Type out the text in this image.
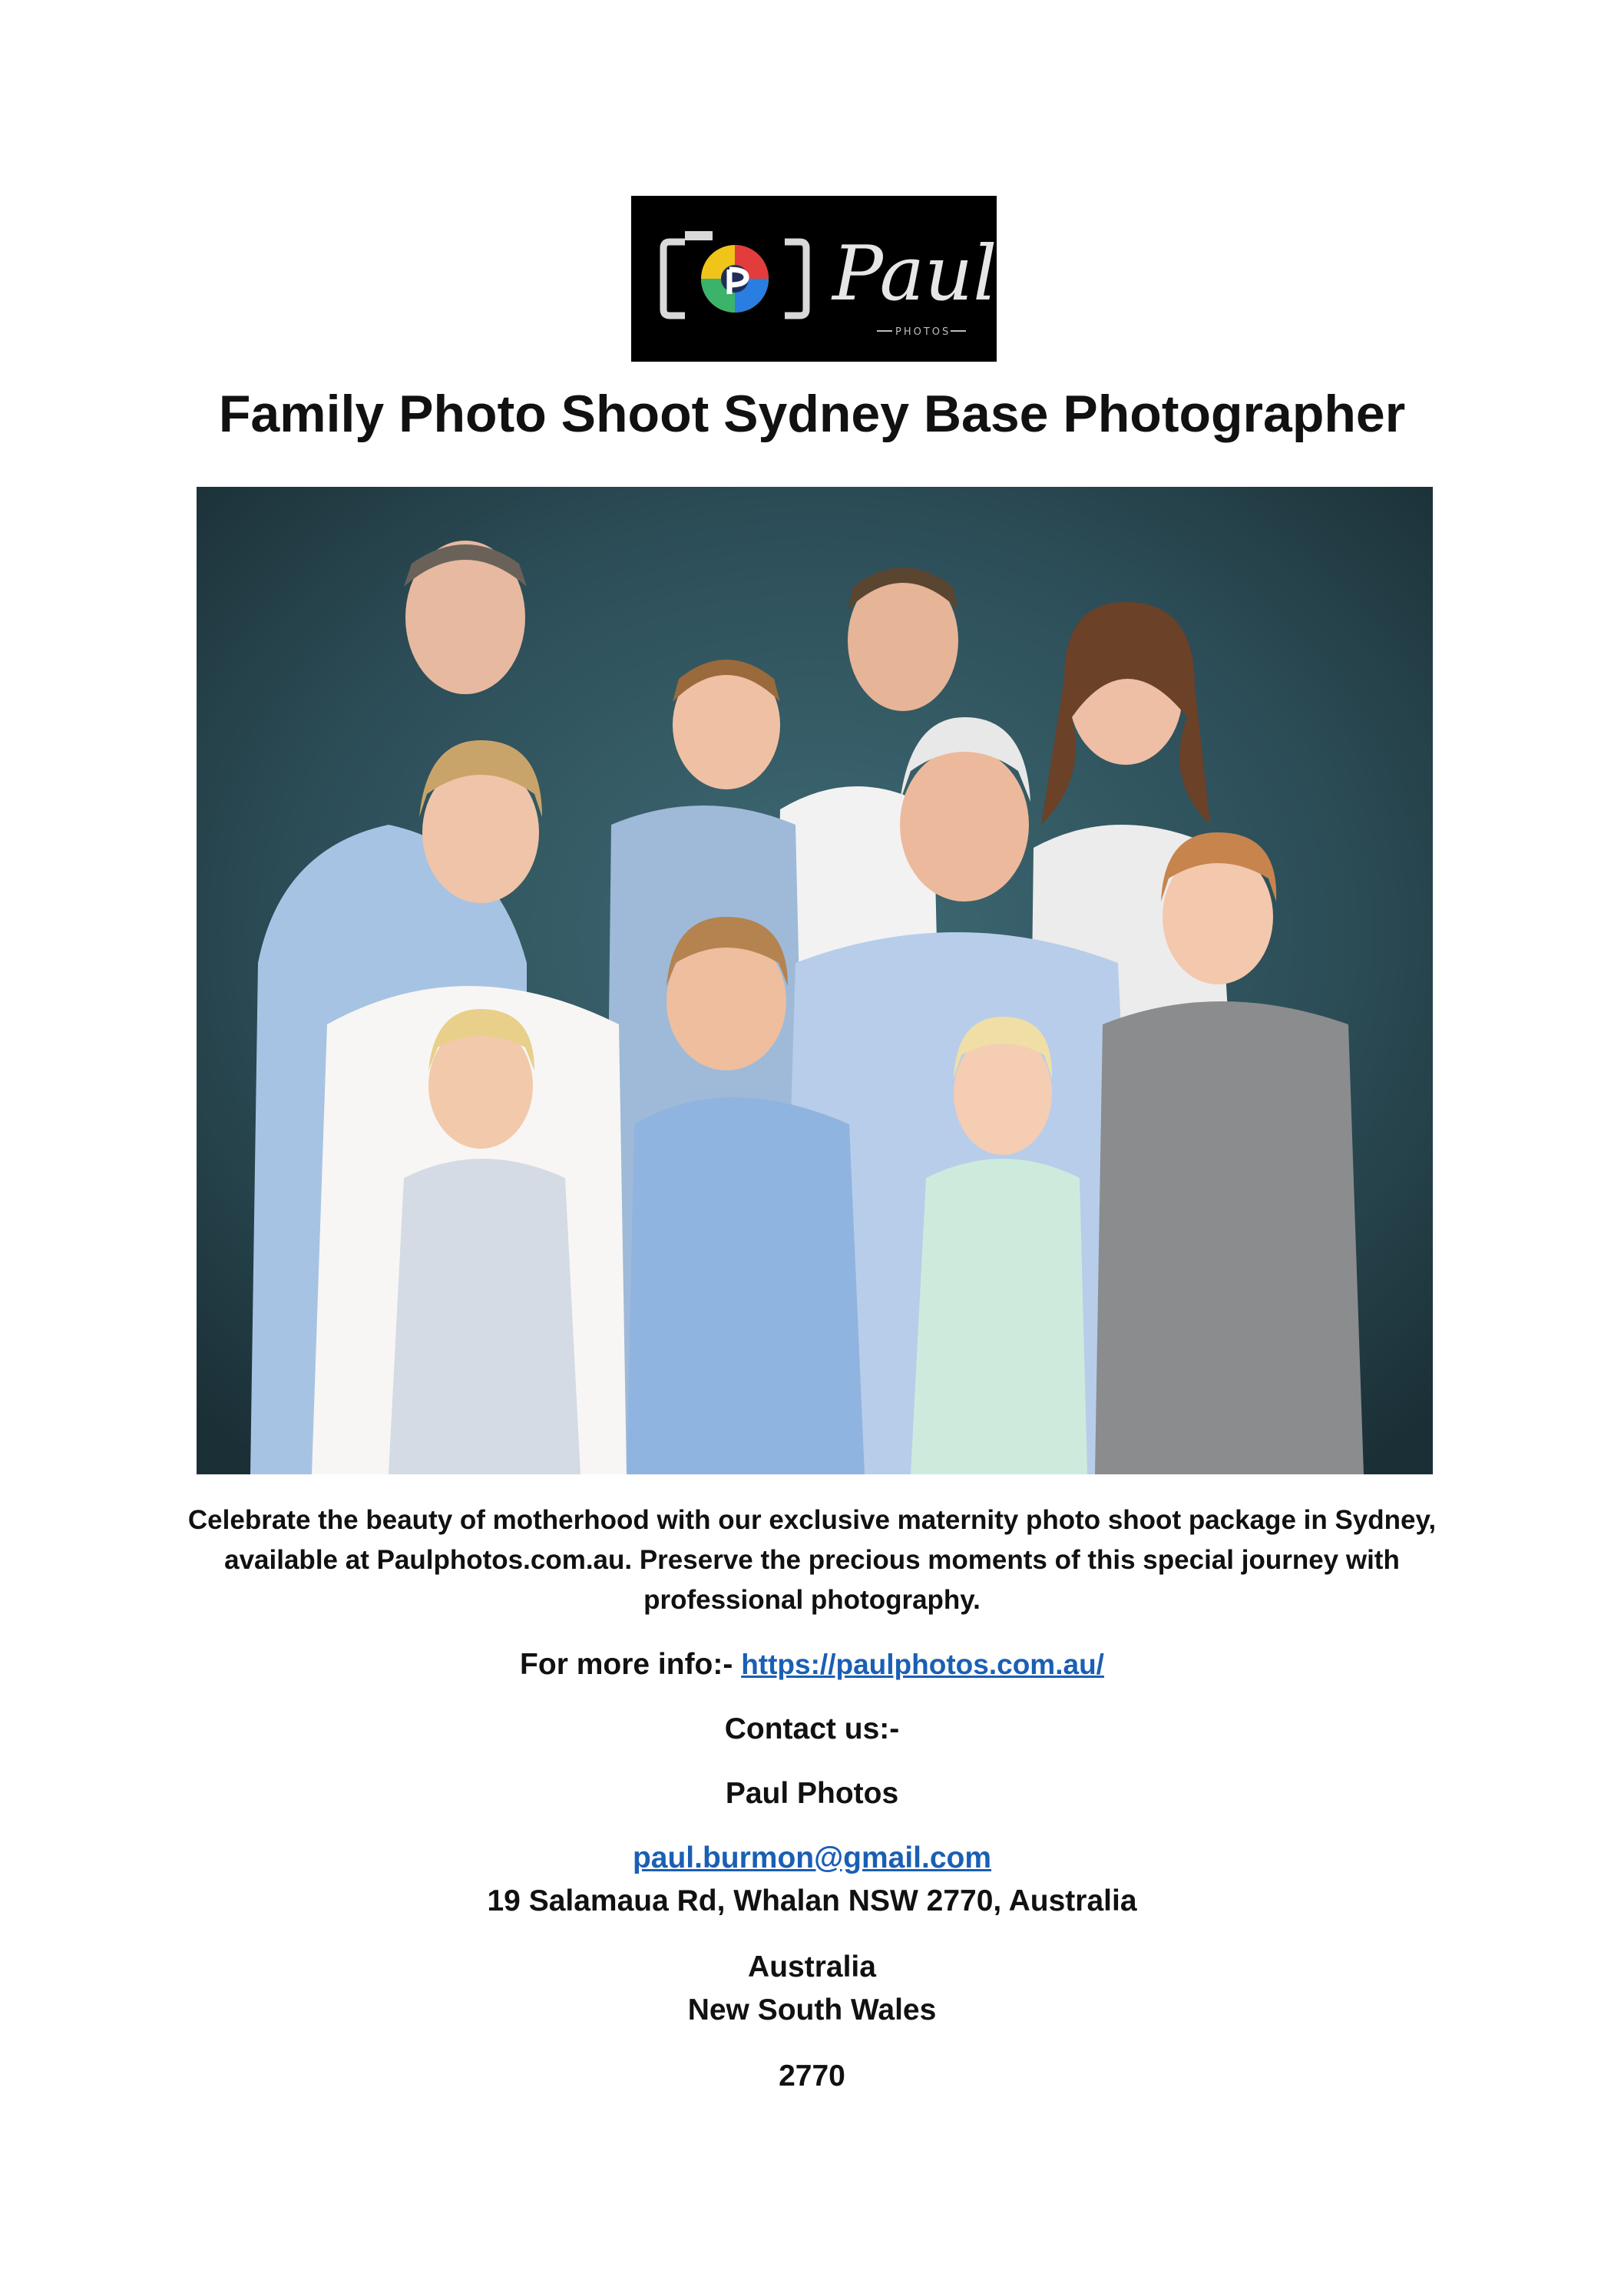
Paul
PHOTOS
Family Photo Shoot Sydney Base Photographer
Celebrate the beauty of motherhood with our exclusive maternity photo shoot package in Sydney, available at Paulphotos.com.au. Preserve the precious moments of this special journey with professional photography.
For more info:- https://paulphotos.com.au/
Contact us:-
Paul Photos
paul.burmon@gmail.com
19 Salamaua Rd, Whalan NSW 2770, Australia
Australia
New South Wales
2770
